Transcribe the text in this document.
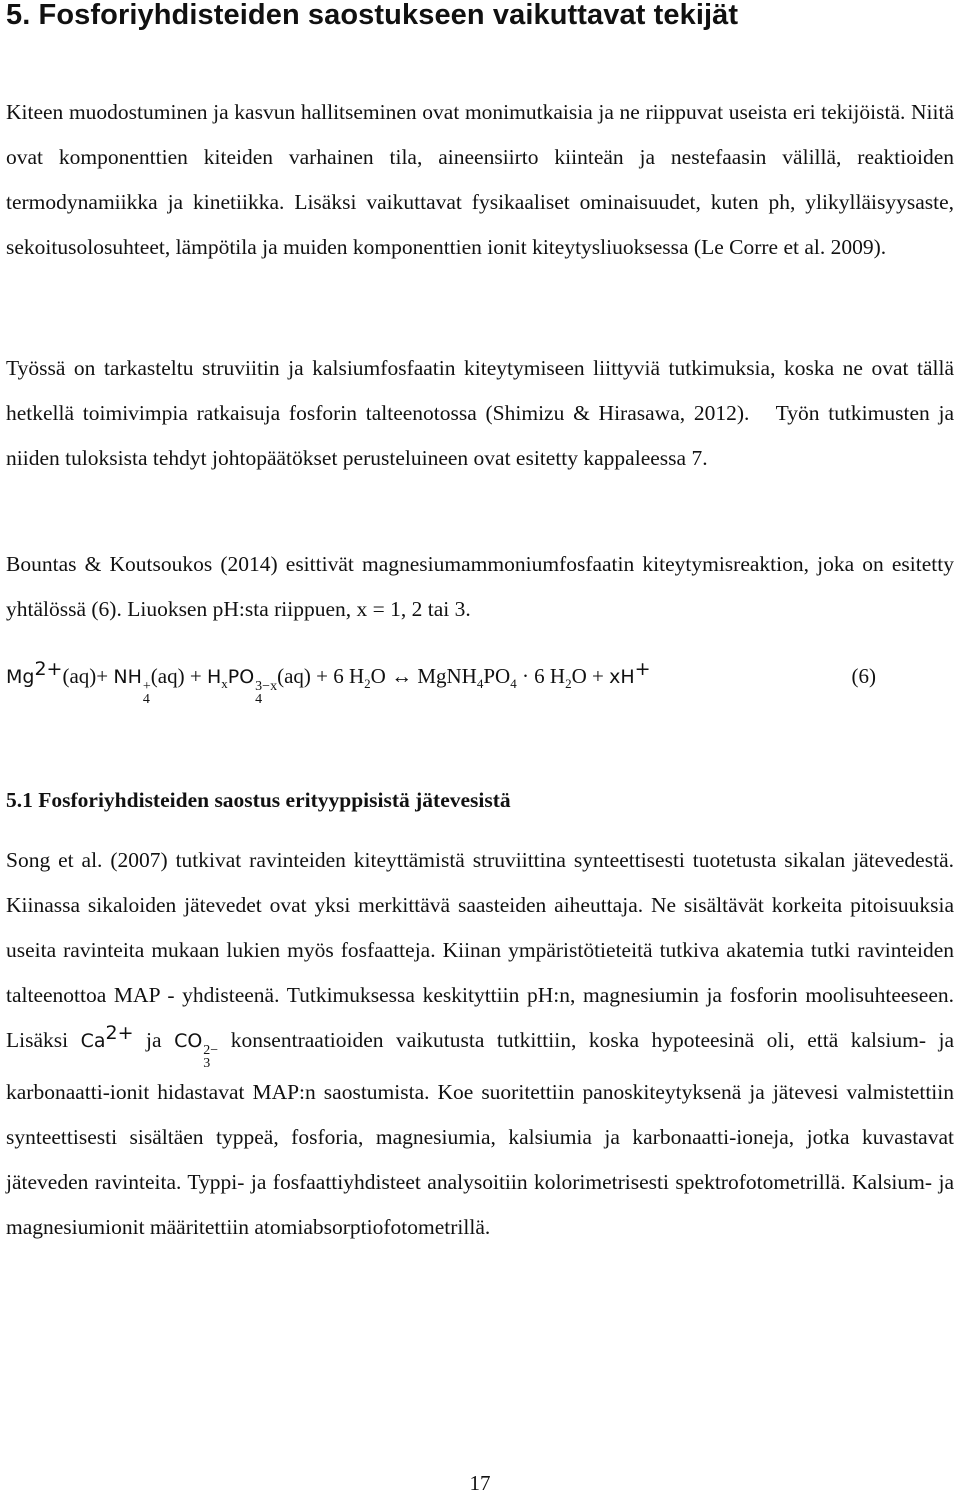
5. Fosforiyhdisteiden saostukseen vaikuttavat tekijät

Kiteen muodostuminen ja kasvun hallitseminen ovat monimutkaisia ja ne riippuvat useista eri tekijöistä. Niitä ovat komponenttien kiteiden varhainen tila, aineensiirto kiinteän ja nestefaasin välillä, reaktioiden termodynamiikka ja kinetiikka. Lisäksi vaikuttavat fysikaaliset ominaisuudet, kuten ph, ylikylläisyysaste, sekoitusolosuhteet, lämpötila ja muiden komponenttien ionit kiteytysliuoksessa (Le Corre et al. 2009).

Työssä on tarkasteltu struviitin ja kalsiumfosfaatin kiteytymiseen liittyviä tutkimuksia, koska ne ovat tällä hetkellä toimivimpia ratkaisuja fosforin talteenotossa (Shimizu & Hirasawa, 2012). Työn tutkimusten ja niiden tuloksista tehdyt johtopäätökset perusteluineen ovat esitetty kappaleessa 7.

Bountas & Koutsoukos (2014) esittivät magnesiumammoniumfosfaatin kiteytymisreaktion, joka on esitetty yhtälössä (6). Liuoksen pH:sta riippuen, x = 1, 2 tai 3.

$Mg^{2+}(aq)+$ NH +
4
$(aq) + H_xPO$ 3−x
4
(aq) + 6 $H_2O$ ↔ $MgNH_4PO_4 \cdot 6$ $H_2O + xH^+$	(6)
5.1 Fosforiyhdisteiden saostus erityyppisistä jätevesistä

Song et al. (2007) tutkivat ravinteiden kiteyttämistä struviittina synteettisesti tuotetusta sikalan jätevedestä. Kiinassa sikaloiden jätevedet ovat yksi merkittävä saasteiden aiheuttaja. Ne sisältävät korkeita pitoisuuksia useita ravinteita mukaan lukien myös fosfaatteja. Kiinan ympäristötieteitä tutkiva akatemia tutki ravinteiden talteenottoa MAP - yhdisteenä. Tutkimuksessa keskityttiin pH:n, magnesiumin ja fosforin moolisuhteeseen. Lisäksi $Ca^{2+}$ ja CO 2−
3
konsentraatioiden vaikutusta tutkittiin, koska hypoteesinä oli, että kalsium- ja karbonaatti-ionit hidastavat MAP:n saostumista. Koe suoritettiin panoskiteytyksenä ja jätevesi valmistettiin synteettisesti sisältäen typpeä, fosforia, magnesiumia, kalsiumia ja karbonaatti-ioneja, jotka kuvastavat jäteveden ravinteita. Typpi- ja fosfaattiyhdisteet analysoitiin kolorimetrisesti spektrofotometrillä. Kalsium- ja magnesiumionit määritettiin atomiabsorptiofotometrillä.

17
